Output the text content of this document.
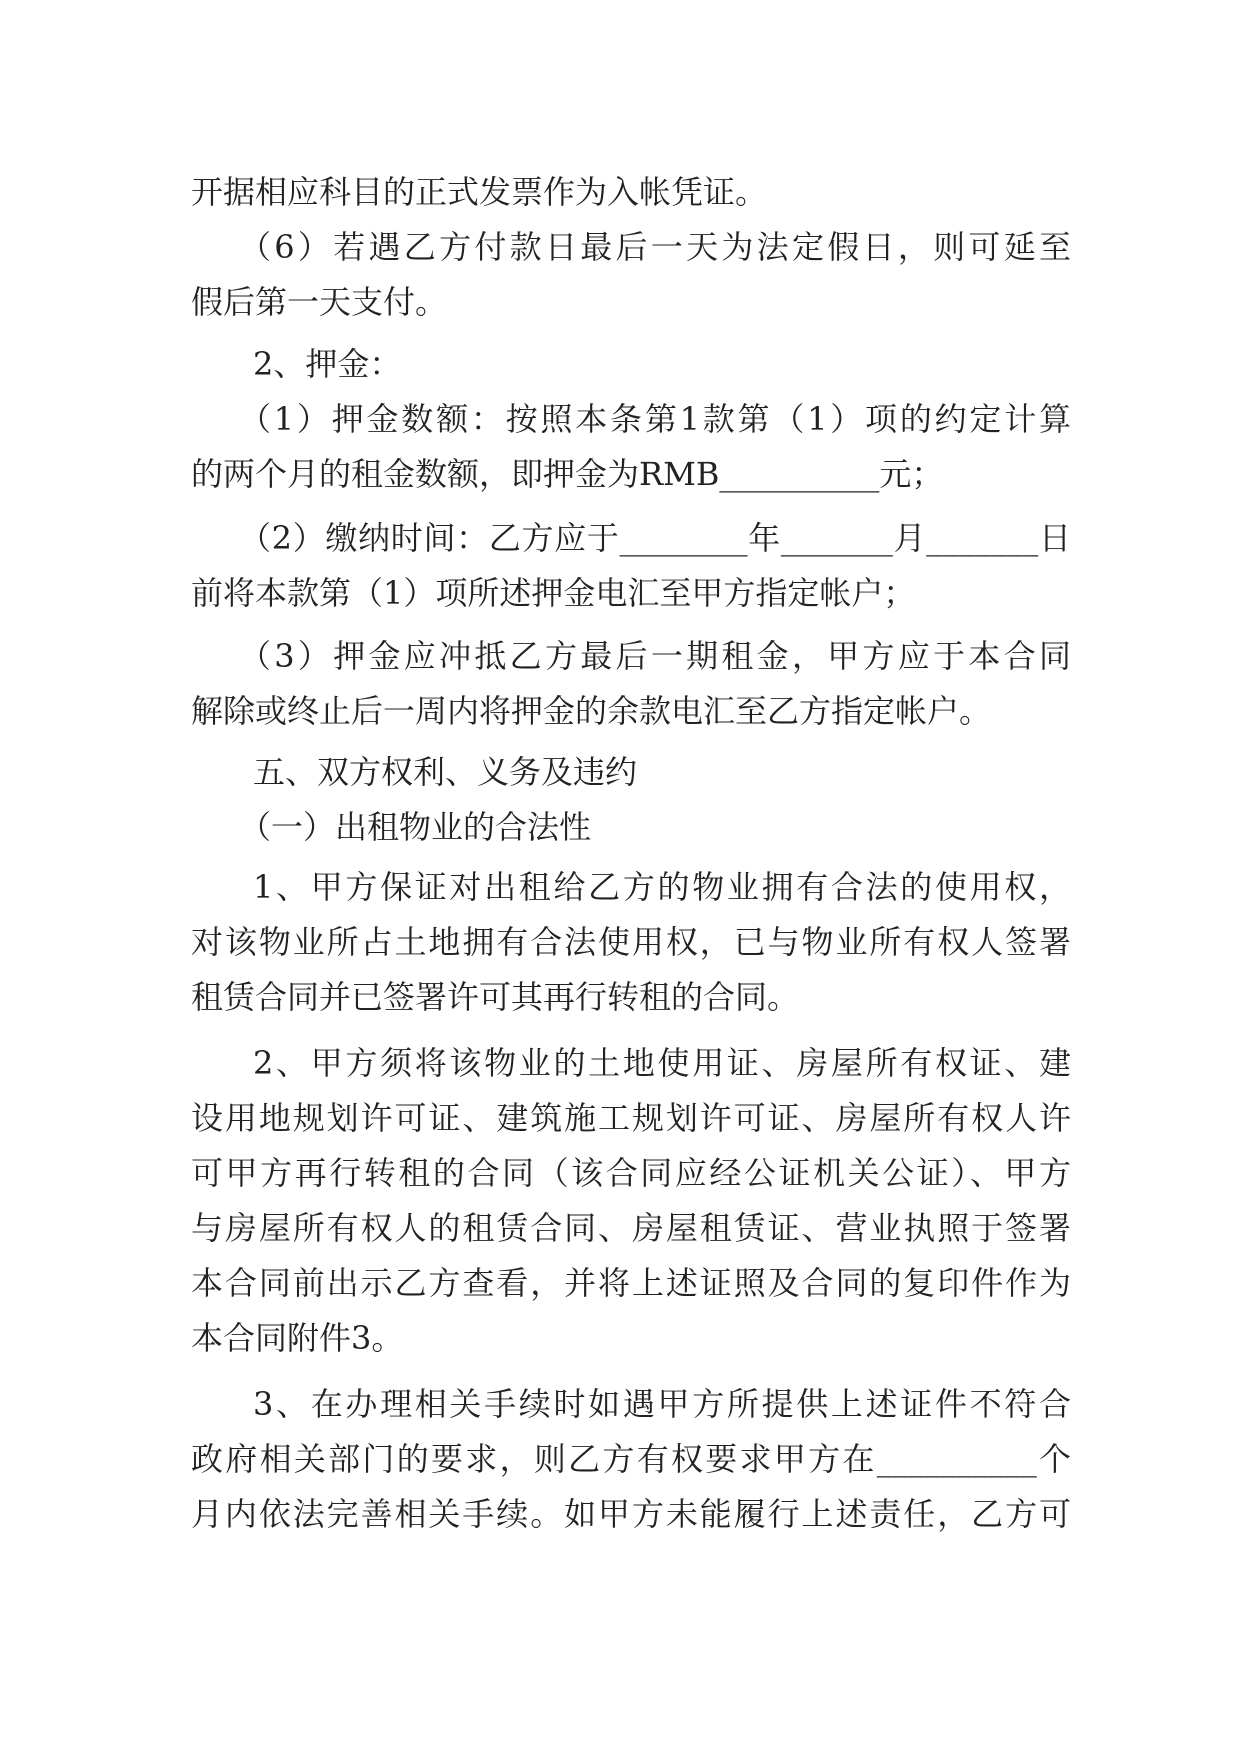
开据相应科目的正式发票作为入帐凭证。
（6）若遇乙方付款日最后一天为法定假日，则可延至
假后第一天支付。
2、押金：
（1）押金数额：按照本条第1款第（1）项的约定计算
的两个月的租金数额，即押金为RMB__________元；
（2）缴纳时间：乙方应于________年_______月_______日
前将本款第（1）项所述押金电汇至甲方指定帐户；
（3）押金应冲抵乙方最后一期租金，甲方应于本合同
解除或终止后一周内将押金的余款电汇至乙方指定帐户。
五、双方权利、义务及违约
（一）出租物业的合法性
1、甲方保证对出租给乙方的物业拥有合法的使用权，
对该物业所占土地拥有合法使用权，已与物业所有权人签署
租赁合同并已签署许可其再行转租的合同。
2、甲方须将该物业的土地使用证、房屋所有权证、建
设用地规划许可证、建筑施工规划许可证、房屋所有权人许
可甲方再行转租的合同（该合同应经公证机关公证）、甲方
与房屋所有权人的租赁合同、房屋租赁证、营业执照于签署
本合同前出示乙方查看，并将上述证照及合同的复印件作为
本合同附件3。
3、在办理相关手续时如遇甲方所提供上述证件不符合
政府相关部门的要求，则乙方有权要求甲方在__________个
月内依法完善相关手续。如甲方未能履行上述责任，乙方可
